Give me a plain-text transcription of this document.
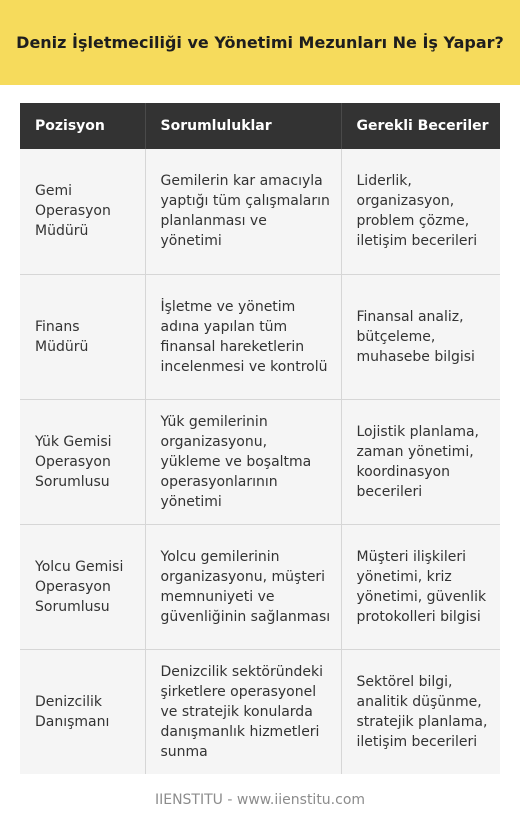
Deniz İşletmeciliği ve Yönetimi Mezunları Ne İş Yapar?
Pozisyon	Sorumluluklar	Gerekli Beceriler
Gemi Operasyon Müdürü	Gemilerin kar amacıyla yaptığı tüm çalışmaların planlanması ve yönetimi	Liderlik, organizasyon, problem çözme, iletişim becerileri
Finans Müdürü	İşletme ve yönetim adına yapılan tüm finansal hareketlerin incelenmesi ve kontrolü	Finansal analiz, bütçeleme, muhasebe bilgisi
Yük Gemisi Operasyon Sorumlusu	Yük gemilerinin organizasyonu, yükleme ve boşaltma operasyonlarının yönetimi	Lojistik planlama, zaman yönetimi, koordinasyon becerileri
Yolcu Gemisi Operasyon Sorumlusu	Yolcu gemilerinin organizasyonu, müşteri memnuniyeti ve güvenliğinin sağlanması	Müşteri ilişkileri yönetimi, kriz yönetimi, güvenlik protokolleri bilgisi
Denizcilik Danışmanı	Denizcilik sektöründeki şirketlere operasyonel ve stratejik konularda danışmanlık hizmetleri sunma	Sektörel bilgi, analitik düşünme, stratejik planlama, iletişim becerileri
IIENSTITU - www.iienstitu.com
